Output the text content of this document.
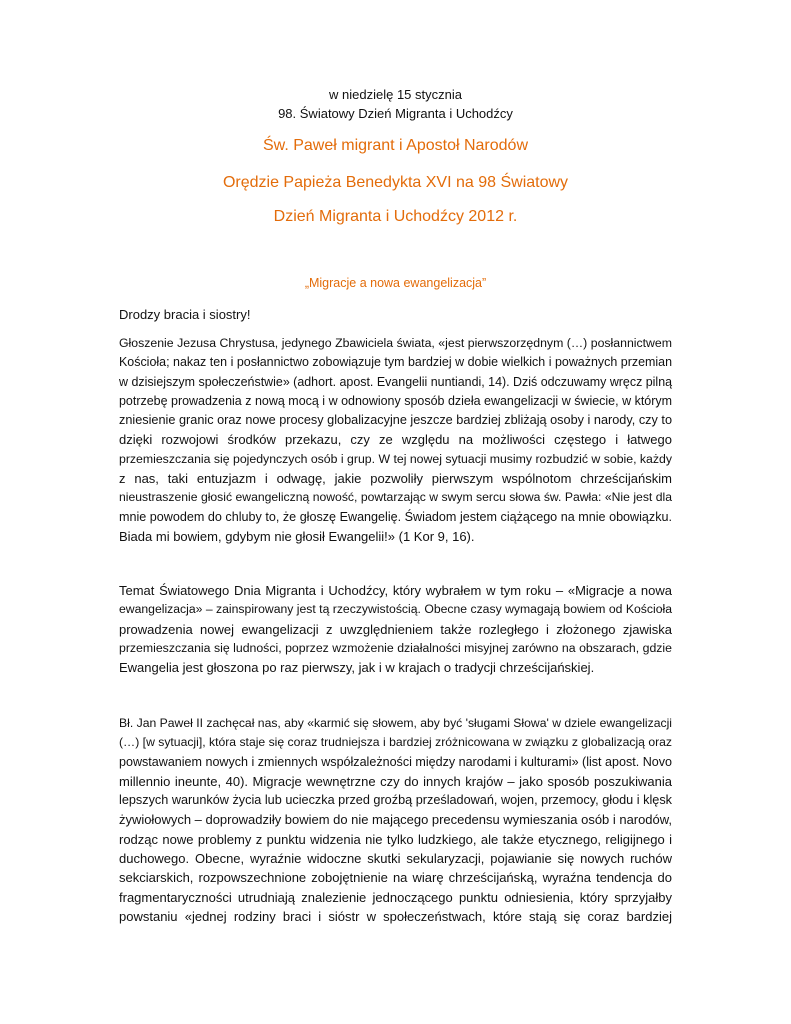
w niedzielę 15 stycznia
98. Światowy Dzień Migranta i Uchodźcy
Św. Paweł migrant i Apostoł Narodów
Orędzie Papieża Benedykta XVI na 98 Światowy
Dzień Migranta i Uchodźcy 2012 r.
„Migracje a nowa ewangelizacja”
Drodzy bracia i siostry!
Głoszenie Jezusa Chrystusa, jedynego Zbawiciela świata, «jest pierwszorzędnym (…) posłannictwem
Kościoła; nakaz ten i posłannictwo zobowiązuje tym bardziej w dobie wielkich i poważnych przemian
w dzisiejszym społeczeństwie» (adhort. apost. Evangelii nuntiandi, 14). Dziś odczuwamy wręcz pilną
potrzebę prowadzenia z nową mocą i w odnowiony sposób dzieła ewangelizacji w świecie, w którym
zniesienie granic oraz nowe procesy globalizacyjne jeszcze bardziej zbliżają osoby i narody, czy to
dzięki rozwojowi środków przekazu, czy ze względu na możliwości częstego i łatwego
przemieszczania się pojedynczych osób i grup. W tej nowej sytuacji musimy rozbudzić w sobie, każdy
z nas, taki entuzjazm i odwagę, jakie pozwoliły pierwszym wspólnotom chrześcijańskim
nieustraszenie głosić ewangeliczną nowość, powtarzając w swym sercu słowa św. Pawła: «Nie jest dla
mnie powodem do chluby to, że głoszę Ewangelię. Świadom jestem ciążącego na mnie obowiązku.
Biada mi bowiem, gdybym nie głosił Ewangelii!» (1 Kor 9, 16).
Temat Światowego Dnia Migranta i Uchodźcy, który wybrałem w tym roku – «Migracje a nowa
ewangelizacja» – zainspirowany jest tą rzeczywistością. Obecne czasy wymagają bowiem od Kościoła
prowadzenia nowej ewangelizacji z uwzględnieniem także rozległego i złożonego zjawiska
przemieszczania się ludności, poprzez wzmożenie działalności misyjnej zarówno na obszarach, gdzie
Ewangelia jest głoszona po raz pierwszy, jak i w krajach o tradycji chrześcijańskiej.
Bł. Jan Paweł II zachęcał nas, aby «karmić się słowem, aby być 'sługami Słowa' w dziele ewangelizacji
(…) [w sytuacji], która staje się coraz trudniejsza i bardziej zróżnicowana w związku z globalizacją oraz
powstawaniem nowych i zmiennych współzależności między narodami i kulturami» (list apost. Novo
millennio ineunte, 40). Migracje wewnętrzne czy do innych krajów – jako sposób poszukiwania
lepszych warunków życia lub ucieczka przed groźbą prześladowań, wojen, przemocy, głodu i klęsk
żywiołowych – doprowadziły bowiem do nie mającego precedensu wymieszania osób i narodów,
rodząc nowe problemy z punktu widzenia nie tylko ludzkiego, ale także etycznego, religijnego i
duchowego. Obecne, wyraźnie widoczne skutki sekularyzacji, pojawianie się nowych ruchów
sekciarskich, rozpowszechnione zobojętnienie na wiarę chrześcijańską, wyraźna tendencja do
fragmentaryczności utrudniają znalezienie jednoczącego punktu odniesienia, który sprzyjałby
powstaniu «jednej rodziny braci i sióstr w społeczeństwach, które stają się coraz bardziej
